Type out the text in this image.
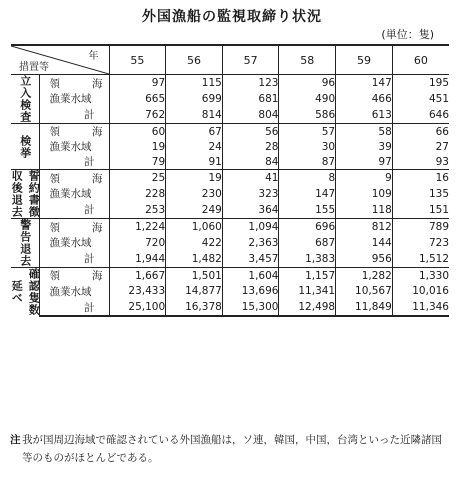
外国漁船の監視取締り状況
(単位：隻)
年
措置等		55	56	57	58	59	60

立入検査	領 海	97	115	123	96	147	195

	漁業水域	665	699	681	490	466	451

	計	762	814	804	586	613	646

検挙	領 海	60	67	56	57	58	66

	漁業水域	19	24	28	30	39	27

	計	79	91	84	87	97	93

誓約書徴
収後退去	領 海	25	19	41	8	9	16

	漁業水域	228	230	323	147	109	135

	計	253	249	364	155	118	151

警告退去	領 海	1,224	1,060	1,094	696	812	789

	漁業水域	720	422	2,363	687	144	723

	計	1,944	1,482	3,457	1,383	956	1,512

確認隻数
延べ	領 海	1,667	1,501	1,604	1,157	1,282	1,330

	漁業水域	23,433	14,877	13,696	11,341	10,567	10,016

	計	25,100	16,378	15,300	12,498	11,849	11,346
注 我が国周辺海域で確認されている外国漁船は，ソ連，韓国，中国，台湾といった近隣諸国等のものがほとんどである。
